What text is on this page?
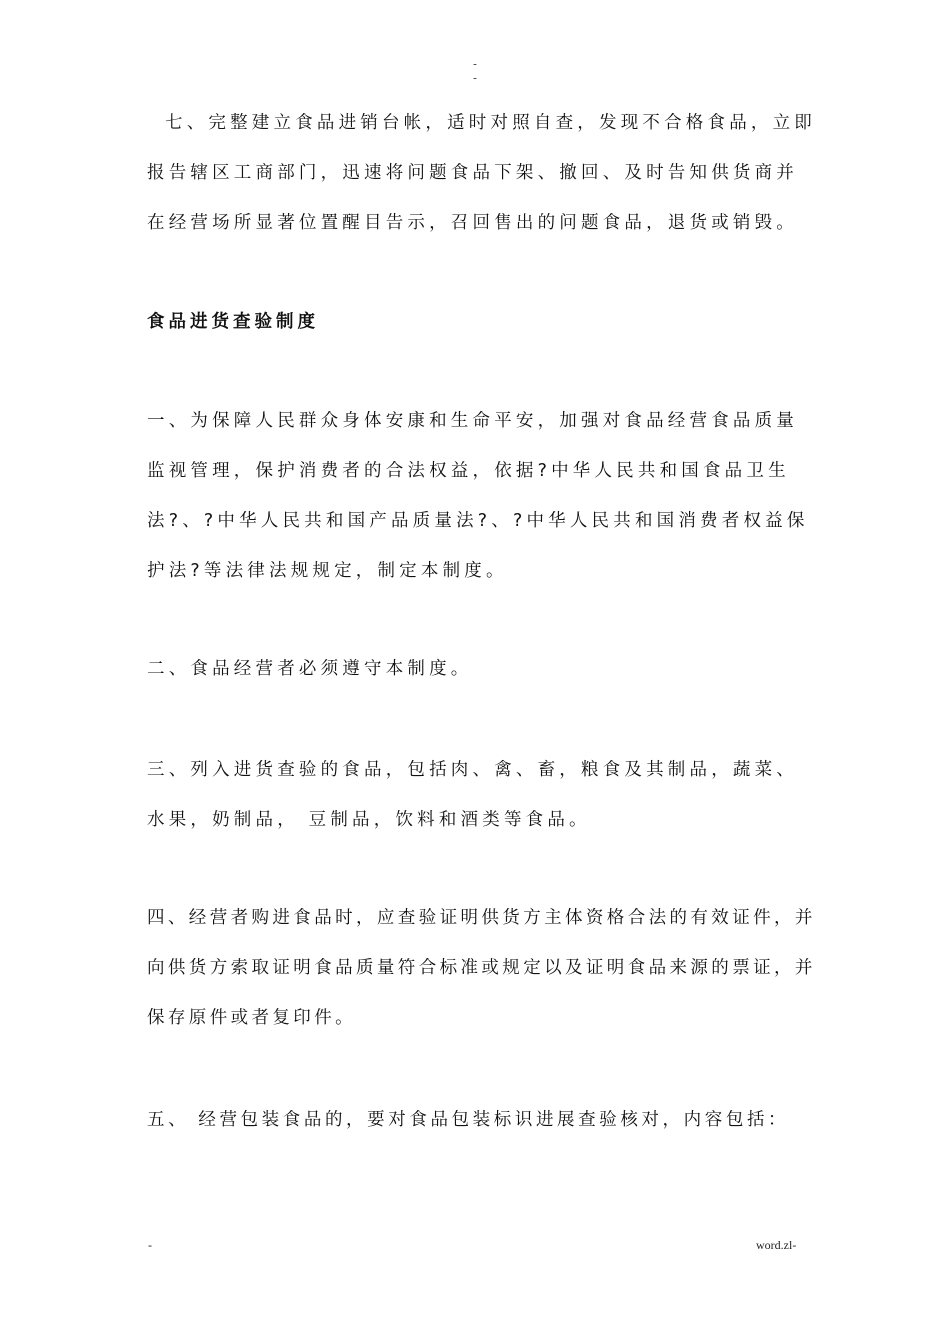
-
-

七、完整建立食品进销台帐，适时对照自查，发现不合格食品，立即报告辖区工商部门，迅速将问题食品下架、撤回、及时告知供货商并在经营场所显著位置醒目告示，召回售出的问题食品，退货或销毁。

食品进货查验制度

一、为保障人民群众身体安康和生命平安，加强对食品经营食品质量监视管理，保护消费者的合法权益，依据?中华人民共和国食品卫生法?、?中华人民共和国产品质量法?、?中华人民共和国消费者权益保护法?等法律法规规定，制定本制度。

二、食品经营者必须遵守本制度。

三、列入进货查验的食品，包括肉、禽、畜，粮食及其制品，蔬菜、水果，奶制品， 豆制品，饮料和酒类等食品。

四、经营者购进食品时，应查验证明供货方主体资格合法的有效证件，并向供货方索取证明食品质量符合标准或规定以及证明食品来源的票证，并保存原件或者复印件。

五、 经营包装食品的，要对食品包装标识进展查验核对，内容包括：

-	word.zl-
